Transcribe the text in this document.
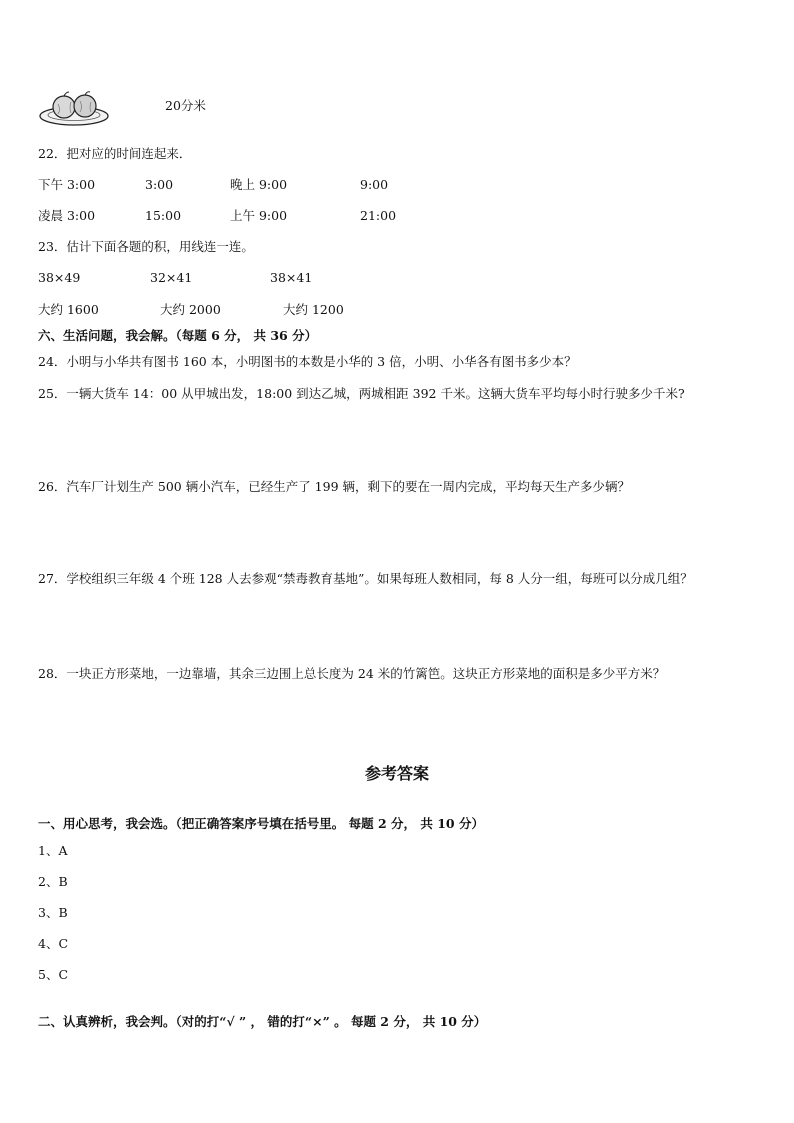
20分米
22．把对应的时间连起来．
下午 3:00	3:00	晚上 9:00	9:00
凌晨 3:00	15:00	上午 9:00	21:00
23．估计下面各题的积，用线连一连。
38×49	32×41	38×41
大约 1600	大约 2000	大约 1200
六、生活问题，我会解。（每题 6 分， 共 36 分）
24．小明与小华共有图书 160 本，小明图书的本数是小华的 3 倍，小明、小华各有图书多少本？
25．一辆大货车 14：00 从甲城出发，18:00 到达乙城，两城相距 392 千米。这辆大货车平均每小时行驶多少千米?
26．汽车厂计划生产 500 辆小汽车，已经生产了 199 辆，剩下的要在一周内完成，平均每天生产多少辆？
27．学校组织三年级 4 个班 128 人去参观“禁毒教育基地”。如果每班人数相同，每 8 人分一组，每班可以分成几组？
28．一块正方形菜地，一边靠墙，其余三边围上总长度为 24 米的竹篱笆。这块正方形菜地的面积是多少平方米？
参考答案
一、用心思考，我会选。（把正确答案序号填在括号里。 每题 2 分， 共 10 分）
1、A
2、B
3、B
4、C
5、C
二、认真辨析，我会判。（对的打“√ ” ， 错的打“×” 。 每题 2 分， 共 10 分）
